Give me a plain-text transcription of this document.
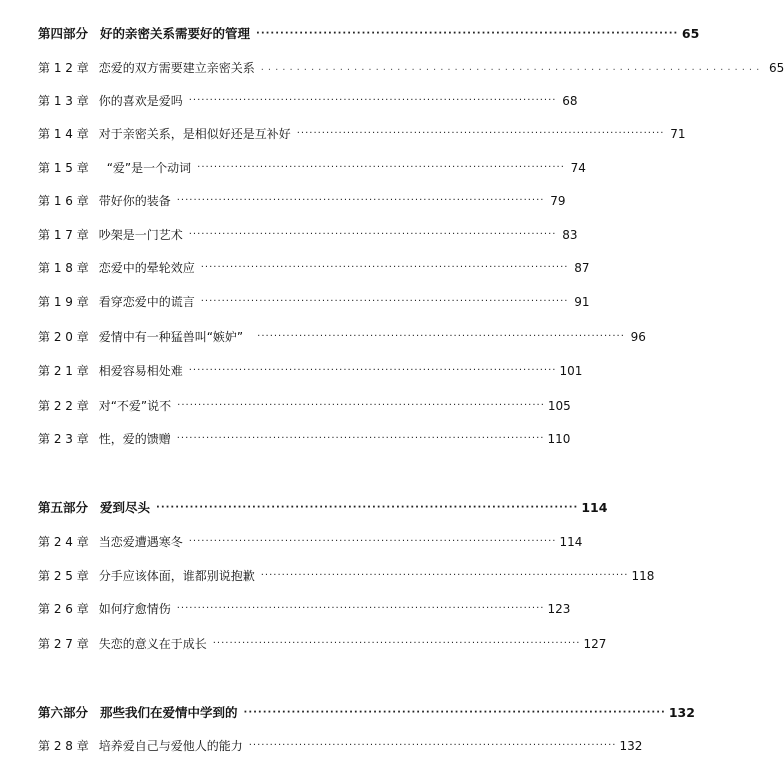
第四部分 好的亲密关系需要好的管理 ························································································ 65
第 1 2 章 恋爱的双方需要建立亲密关系 ...................................................................... 65
第 1 3 章 你的喜欢是爱吗 ························································································ 68
第 1 4 章 对于亲密关系，是相似好还是互补好 ························································································ 71
第 1 5 章 “爱”是一个动词 ························································································ 74
第 1 6 章 带好你的装备 ························································································ 79
第 1 7 章 吵架是一门艺术 ························································································ 83
第 1 8 章 恋爱中的晕轮效应 ························································································ 87
第 1 9 章 看穿恋爱中的谎言 ························································································ 91
第 2 0 章 爱情中有一种猛兽叫“嫉妒” ························································································ 96
第 2 1 章 相爱容易相处难 ························································································ 101
第 2 2 章 对“不爱”说不 ························································································ 105
第 2 3 章 性，爱的馈赠 ························································································ 110
第五部分 爱到尽头 ························································································ 114
第 2 4 章 当恋爱遭遇寒冬 ························································································ 114
第 2 5 章 分手应该体面，谁都别说抱歉 ························································································ 118
第 2 6 章 如何疗愈情伤 ························································································ 123
第 2 7 章 失恋的意义在于成长 ························································································ 127
第六部分 那些我们在爱情中学到的 ························································································ 132
第 2 8 章 培养爱自己与爱他人的能力 ························································································ 132
